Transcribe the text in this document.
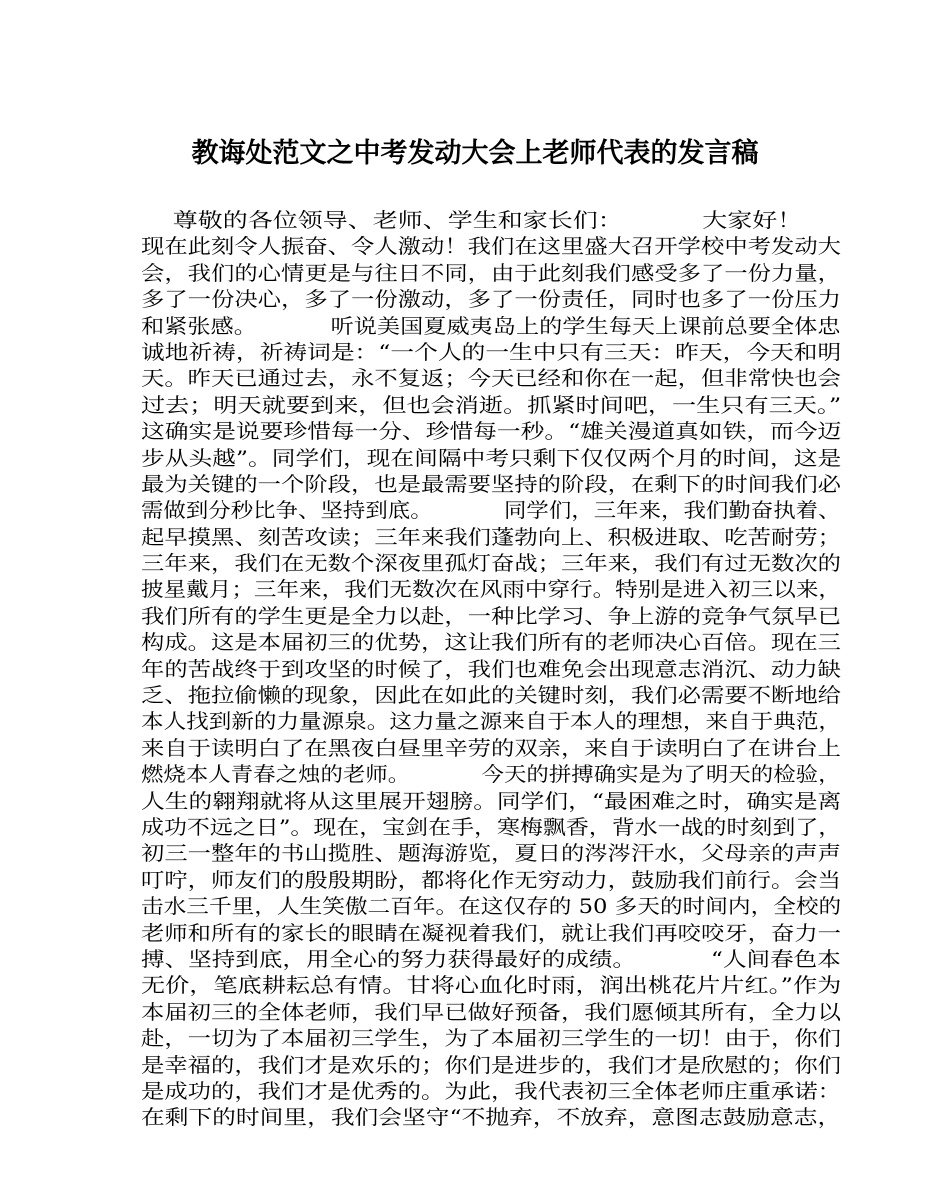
教诲处范文之中考发动大会上老师代表的发言稿
尊敬的各位领导、老师、学生和家长们：          大家好！
现在此刻令人振奋、令人激动！我们在这里盛大召开学校中考发动大
会，我们的心情更是与往日不同，由于此刻我们感受多了一份力量，
多了一份决心，多了一份激动，多了一份责任，同时也多了一份压力
和紧张感。          听说美国夏威夷岛上的学生每天上课前总要全体忠
诚地祈祷，祈祷词是：“一个人的一生中只有三天：昨天，今天和明
天。昨天已通过去，永不复返；今天已经和你在一起，但非常快也会
过去；明天就要到来，但也会消逝。抓紧时间吧，一生只有三天。”
这确实是说要珍惜每一分、珍惜每一秒。“雄关漫道真如铁，而今迈
步从头越”。同学们，现在间隔中考只剩下仅仅两个月的时间，这是
最为关键的一个阶段，也是最需要坚持的阶段，在剩下的时间我们必
需做到分秒比争、坚持到底。          同学们，三年来，我们勤奋执着、
起早摸黑、刻苦攻读；三年来我们蓬勃向上、积极进取、吃苦耐劳；
三年来，我们在无数个深夜里孤灯奋战；三年来，我们有过无数次的
披星戴月；三年来，我们无数次在风雨中穿行。特别是进入初三以来，
我们所有的学生更是全力以赴，一种比学习、争上游的竞争气氛早已
构成。这是本届初三的优势，这让我们所有的老师决心百倍。现在三
年的苦战终于到攻坚的时候了，我们也难免会出现意志消沉、动力缺
乏、拖拉偷懒的现象，因此在如此的关键时刻，我们必需要不断地给
本人找到新的力量源泉。这力量之源来自于本人的理想，来自于典范，
来自于读明白了在黑夜白昼里辛劳的双亲，来自于读明白了在讲台上
燃烧本人青春之烛的老师。          今天的拼搏确实是为了明天的检验，
人生的翱翔就将从这里展开翅膀。同学们，“最困难之时，确实是离
成功不远之日”。现在，宝剑在手，寒梅飘香，背水一战的时刻到了，
初三一整年的书山揽胜、题海游览，夏日的涔涔汗水，父母亲的声声
叮咛，师友们的殷殷期盼，都将化作无穷动力，鼓励我们前行。会当
击水三千里，人生笑傲二百年。在这仅存的 50 多天的时间内，全校的
老师和所有的家长的眼睛在凝视着我们，就让我们再咬咬牙，奋力一
搏、坚持到底，用全心的努力获得最好的成绩。          “人间春色本
无价，笔底耕耘总有情。甘将心血化时雨，润出桃花片片红。”作为
本届初三的全体老师，我们早已做好预备，我们愿倾其所有，全力以
赴，一切为了本届初三学生，为了本届初三学生的一切！由于，你们
是幸福的，我们才是欢乐的；你们是进步的，我们才是欣慰的；你们
是成功的，我们才是优秀的。为此，我代表初三全体老师庄重承诺：
在剩下的时间里，我们会坚守“不抛弃，不放弃，意图志鼓励意志，
